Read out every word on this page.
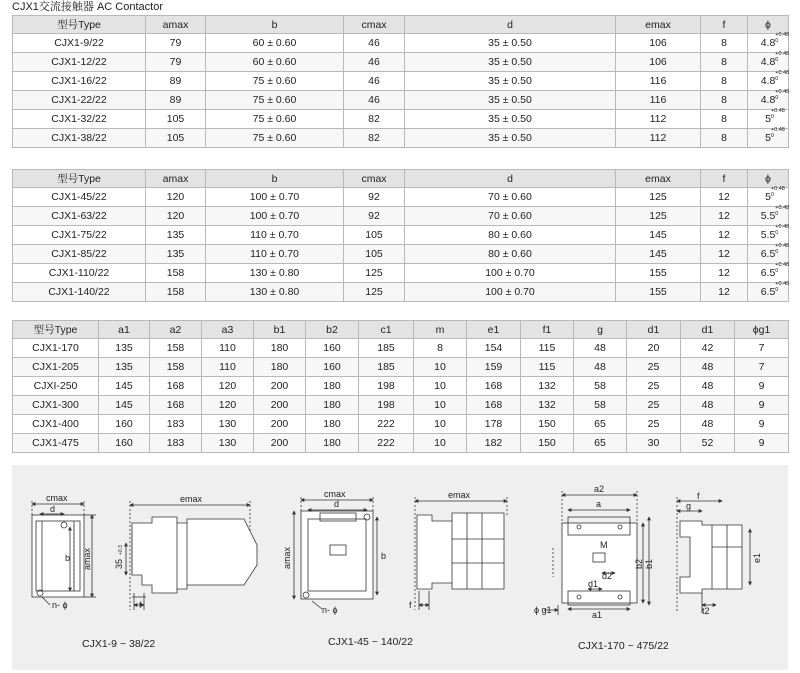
CJX1交流接触器 AC Contactor
型号Type	amax	b	cmax	d	emax	f	ϕ
CJX1-9/22	79	60 ± 0.60	46	35 ± 0.50	106	8	4.8
+0.48
0

CJX1-12/22	79	60 ± 0.60	46	35 ± 0.50	106	8	4.8
+0.48
0

CJX1-16/22	89	75 ± 0.60	46	35 ± 0.50	116	8	4.8
+0.48
0

CJX1-22/22	89	75 ± 0.60	46	35 ± 0.50	116	8	4.8
+0.48
0

CJX1-32/22	105	75 ± 0.60	82	35 ± 0.50	112	8	5
+0.48
0

CJX1-38/22	105	75 ± 0.60	82	35 ± 0.50	112	8	5
+0.48
0
型号Type	amax	b	cmax	d	emax	f	ϕ
CJX1-45/22	120	100 ± 0.70	92	70 ± 0.60	125	12	5
+0.48
0

CJX1-63/22	120	100 ± 0.70	92	70 ± 0.60	125	12	5.5
+0.48
0

CJX1-75/22	135	110 ± 0.70	105	80 ± 0.60	145	12	5.5
+0.48
0

CJX1-85/22	135	110 ± 0.70	105	80 ± 0.60	145	12	6.5
+0.48
0

CJX1-110/22	158	130 ± 0.80	125	100 ± 0.70	155	12	6.5
+0.48
0

CJX1-140/22	158	130 ± 0.80	125	100 ± 0.70	155	12	6.5
+0.48
0
型号Type	a1	a2	a3	b1	b2	c1	m	e1	f1	g	d1	d1	ϕg1
CJX1-170	135	158	110	180	160	185	8	154	115	48	20	42	7
CJX1-205	135	158	110	180	160	185	10	159	115	48	25	48	7
CJXI-250	145	168	120	200	180	198	10	168	132	58	25	48	9
CJX1-300	145	168	120	200	180	198	10	168	132	58	25	48	9
CJX1-400	160	183	130	200	180	222	10	178	150	65	25	48	9
CJX1-475	160	183	130	200	180	222	10	182	150	65	30	52	9
cmax
d
b amax
n- ϕ
emax
35
+0.3
f
CJX1-9 ~ 38/22
cmax
d
amax	b
n- ϕ
emax
f
CJX1-45 ~ 140/22
a2
a
M
b2 b1
d2
d1
ϕ g1	a1
f
g
e1
t2
CJX1-170 ~ 475/22
